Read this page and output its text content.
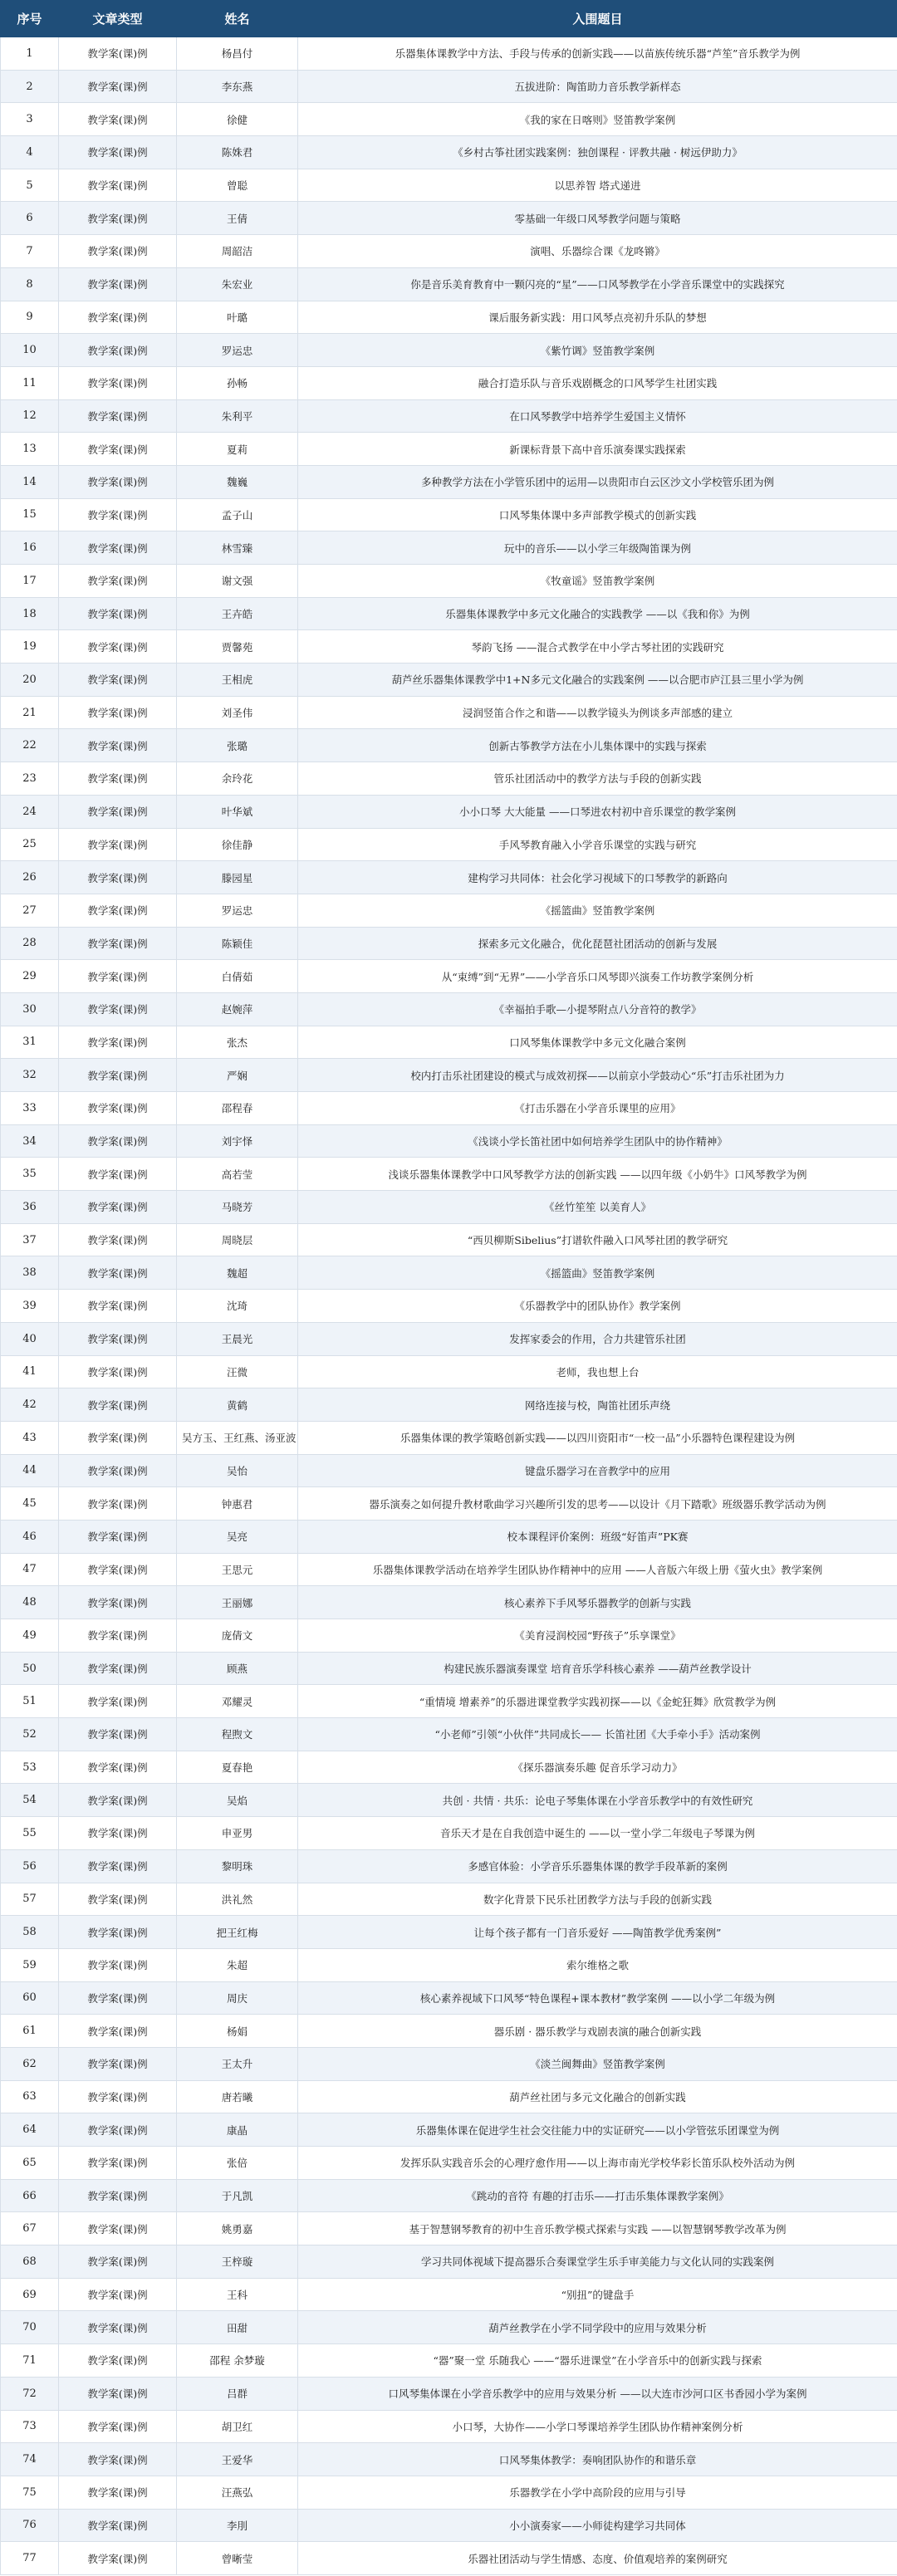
序号	文章类型	姓名	入围题目
1	教学案(课)例	杨昌付	乐器集体课教学中方法、手段与传承的创新实践——以苗族传统乐器“芦笙”音乐教学为例
2	教学案(课)例	李东燕	五拔进阶：陶笛助力音乐教学新样态
3	教学案(课)例	徐健	《我的家在日喀则》竖笛教学案例
4	教学案(课)例	陈姝君	《乡村古筝社团实践案例：独创课程 · 评教共融 · 树远伊助力》
5	教学案(课)例	曾聪	以思养智 塔式递进
6	教学案(课)例	王倩	零基础一年级口风琴教学问题与策略
7	教学案(课)例	周韶洁	演唱、乐器综合课《龙咚锵》
8	教学案(课)例	朱宏业	你是音乐美育教育中一颗闪亮的“星”——口风琴教学在小学音乐课堂中的实践探究
9	教学案(课)例	叶璐	课后服务新实践：用口风琴点亮初升乐队的梦想
10	教学案(课)例	罗运忠	《紫竹调》竖笛教学案例
11	教学案(课)例	孙畅	融合打造乐队与音乐戏剧概念的口风琴学生社团实践
12	教学案(课)例	朱利平	在口风琴教学中培养学生爱国主义情怀
13	教学案(课)例	夏莉	新课标背景下高中音乐演奏课实践探索
14	教学案(课)例	魏巍	多种教学方法在小学管乐团中的运用—以贵阳市白云区沙文小学校管乐团为例
15	教学案(课)例	孟子山	口风琴集体课中多声部教学模式的创新实践
16	教学案(课)例	林雪臻	玩中的音乐——以小学三年级陶笛课为例
17	教学案(课)例	谢文强	《牧童谣》竖笛教学案例
18	教学案(课)例	王卉皓	乐器集体课教学中多元文化融合的实践教学 ——以《我和你》为例
19	教学案(课)例	贾馨苑	琴韵飞扬 ——混合式教学在中小学古琴社团的实践研究
20	教学案(课)例	王相虎	葫芦丝乐器集体课教学中1+N多元文化融合的实践案例 ——以合肥市庐江县三里小学为例
21	教学案(课)例	刘圣伟	浸润竖笛合作之和谐——以教学镜头为例谈多声部感的建立
22	教学案(课)例	张璐	创新古筝教学方法在小儿集体课中的实践与探索
23	教学案(课)例	余玲花	管乐社团活动中的教学方法与手段的创新实践
24	教学案(课)例	叶华斌	小小口琴 大大能量 ——口琴进农村初中音乐课堂的教学案例
25	教学案(课)例	徐佳静	手风琴教育融入小学音乐课堂的实践与研究
26	教学案(课)例	滕园星	建构学习共同体：社会化学习视域下的口琴教学的新路向
27	教学案(课)例	罗运忠	《摇篮曲》竖笛教学案例
28	教学案(课)例	陈颖佳	探索多元文化融合，优化琵琶社团活动的创新与发展
29	教学案(课)例	白倩茹	从“束缚”到“无界”——小学音乐口风琴即兴演奏工作坊教学案例分析
30	教学案(课)例	赵婉萍	《幸福拍手歌—小提琴附点八分音符的教学》
31	教学案(课)例	张杰	口风琴集体课教学中多元文化融合案例
32	教学案(课)例	严娴	校内打击乐社团建设的模式与成效初探——以前京小学鼓动心“乐”打击乐社团为力
33	教学案(课)例	邵程春	《打击乐器在小学音乐课里的应用》
34	教学案(课)例	刘宇怿	《浅谈小学长笛社团中如何培养学生团队中的协作精神》
35	教学案(课)例	高若莹	浅谈乐器集体课教学中口风琴教学方法的创新实践 ——以四年级《小奶牛》口风琴教学为例
36	教学案(课)例	马晓芳	《丝竹笙笙 以美育人》
37	教学案(课)例	周晓层	“西贝柳斯Sibelius”打谱软件融入口风琴社团的教学研究
38	教学案(课)例	魏超	《摇篮曲》竖笛教学案例
39	教学案(课)例	沈琦	《乐器教学中的团队协作》教学案例
40	教学案(课)例	王晨光	发挥家委会的作用，合力共建管乐社团
41	教学案(课)例	汪微	老师，我也想上台
42	教学案(课)例	黄鹤	网络连接与校，陶笛社团乐声绕
43	教学案(课)例	吴方玉、王红燕、汤亚波	乐器集体课的教学策略创新实践——以四川资阳市“一校一品”小乐器特色课程建设为例
44	教学案(课)例	吴怡	键盘乐器学习在音教学中的应用
45	教学案(课)例	钟惠君	器乐演奏之如何提升教材歌曲学习兴趣所引发的思考——以设计《月下踏歌》班级器乐教学活动为例
46	教学案(课)例	吴亮	校本课程评价案例：班级“好笛声”PK赛
47	教学案(课)例	王思元	乐器集体课教学活动在培养学生团队协作精神中的应用 ——人音版六年级上册《萤火虫》教学案例
48	教学案(课)例	王丽娜	核心素养下手风琴乐器教学的创新与实践
49	教学案(课)例	庞倩文	《美育浸润校园“野孩子”乐享课堂》
50	教学案(课)例	顾燕	构建民族乐器演奏课堂 培育音乐学科核心素养 ——葫芦丝教学设计
51	教学案(课)例	邓耀灵	“重情境 增素养”的乐器进课堂教学实践初探——以《金蛇狂舞》欣赏教学为例
52	教学案(课)例	程煦文	“小老师”引领“小伙伴”共同成长—— 长笛社团《大手牵小手》活动案例
53	教学案(课)例	夏春艳	《探乐器演奏乐趣 促音乐学习动力》
54	教学案(课)例	吴焰	共创 · 共情 · 共乐：论电子琴集体课在小学音乐教学中的有效性研究
55	教学案(课)例	申亚男	音乐天才是在自我创造中诞生的 ——以一堂小学二年级电子琴课为例
56	教学案(课)例	黎明珠	多感官体验：小学音乐乐器集体课的教学手段革新的案例
57	教学案(课)例	洪礼然	数字化背景下民乐社团教学方法与手段的创新实践
58	教学案(课)例	把王红梅	让每个孩子都有一门音乐爱好 ——陶笛教学优秀案例”
59	教学案(课)例	朱超	索尔维格之歌
60	教学案(课)例	周庆	核心素养视域下口风琴“特色课程+课本教材”教学案例 ——以小学二年级为例
61	教学案(课)例	杨娟	器乐剧 · 器乐教学与戏剧表演的融合创新实践
62	教学案(课)例	王太升	《淡兰闽舞曲》竖笛教学案例
63	教学案(课)例	唐若曦	葫芦丝社团与多元文化融合的创新实践
64	教学案(课)例	康晶	乐器集体课在促进学生社会交往能力中的实证研究——以小学管弦乐团课堂为例
65	教学案(课)例	张倍	发挥乐队实践音乐会的心理疗愈作用——以上海市南光学校华彩长笛乐队校外活动为例
66	教学案(课)例	于凡凯	《跳动的音符 有趣的打击乐——打击乐集体课教学案例》
67	教学案(课)例	姚勇嘉	基于智慧钢琴教育的初中生音乐教学模式探索与实践 ——以智慧钢琴教学改革为例
68	教学案(课)例	王梓璇	学习共同体视域下提高器乐合奏课堂学生乐手审美能力与文化认同的实践案例
69	教学案(课)例	王科	“别扭”的键盘手
70	教学案(课)例	田甜	葫芦丝教学在小学不同学段中的应用与效果分析
71	教学案(课)例	邵程 余梦璇	“器”聚一堂 乐随我心 ——“器乐进课堂”在小学音乐中的创新实践与探索
72	教学案(课)例	吕群	口风琴集体课在小学音乐教学中的应用与效果分析 ——以大连市沙河口区书香园小学为案例
73	教学案(课)例	胡卫红	小口琴，大协作——小学口琴课培养学生团队协作精神案例分析
74	教学案(课)例	王爱华	口风琴集体教学：奏响团队协作的和谐乐章
75	教学案(课)例	汪燕弘	乐器教学在小学中高阶段的应用与引导
76	教学案(课)例	李刖	小小演奏家——小师徒构建学习共同体
77	教学案(课)例	曾晰莹	乐器社团活动与学生情感、态度、价值观培养的案例研究
